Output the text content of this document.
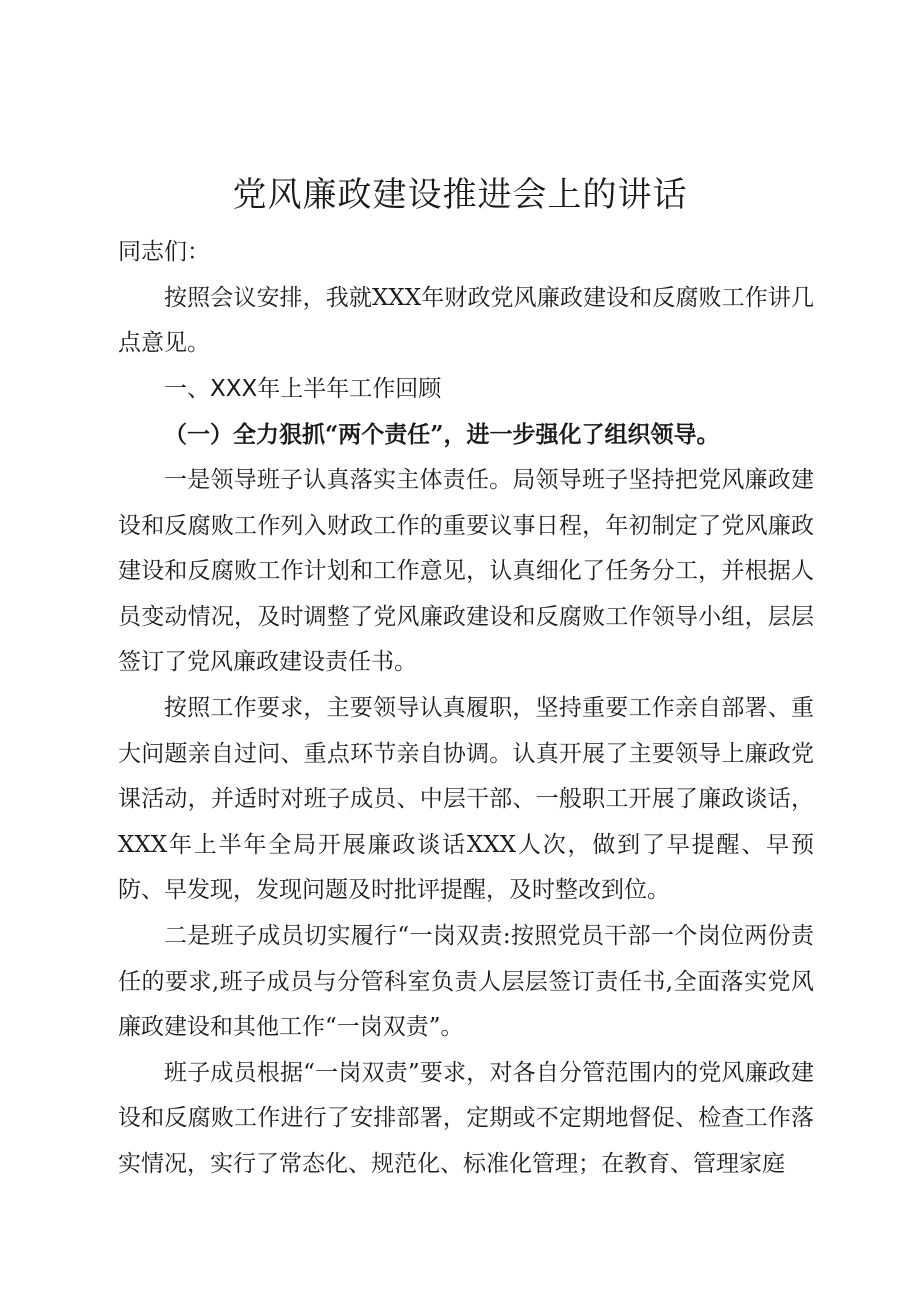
党风廉政建设推进会上的讲话

同志们：

按照会议安排，我就XXX年财政党风廉政建设和反腐败工作讲几点意见。

一、XXX年上半年工作回顾
（一）全力狠抓“两个责任”，进一步强化了组织领导。

一是领导班子认真落实主体责任。局领导班子坚持把党风廉政建设和反腐败工作列入财政工作的重要议事日程，年初制定了党风廉政建设和反腐败工作计划和工作意见，认真细化了任务分工，并根据人员变动情况，及时调整了党风廉政建设和反腐败工作领导小组，层层签订了党风廉政建设责任书。

按照工作要求，主要领导认真履职，坚持重要工作亲自部署、重大问题亲自过问、重点环节亲自协调。认真开展了主要领导上廉政党课活动，并适时对班子成员、中层干部、一般职工开展了廉政谈话，XXX年上半年全局开展廉政谈话XXX人次，做到了早提醒、早预防、早发现，发现问题及时批评提醒，及时整改到位。

二是班子成员切实履行“一岗双责:按照党员干部一个岗位两份责任的要求,班子成员与分管科室负责人层层签订责任书,全面落实党风廉政建设和其他工作“一岗双责”。

班子成员根据“一岗双责”要求，对各自分管范围内的党风廉政建设和反腐败工作进行了安排部署，定期或不定期地督促、检查工作落实情况，实行了常态化、规范化、标准化管理；在教育、管理家庭
